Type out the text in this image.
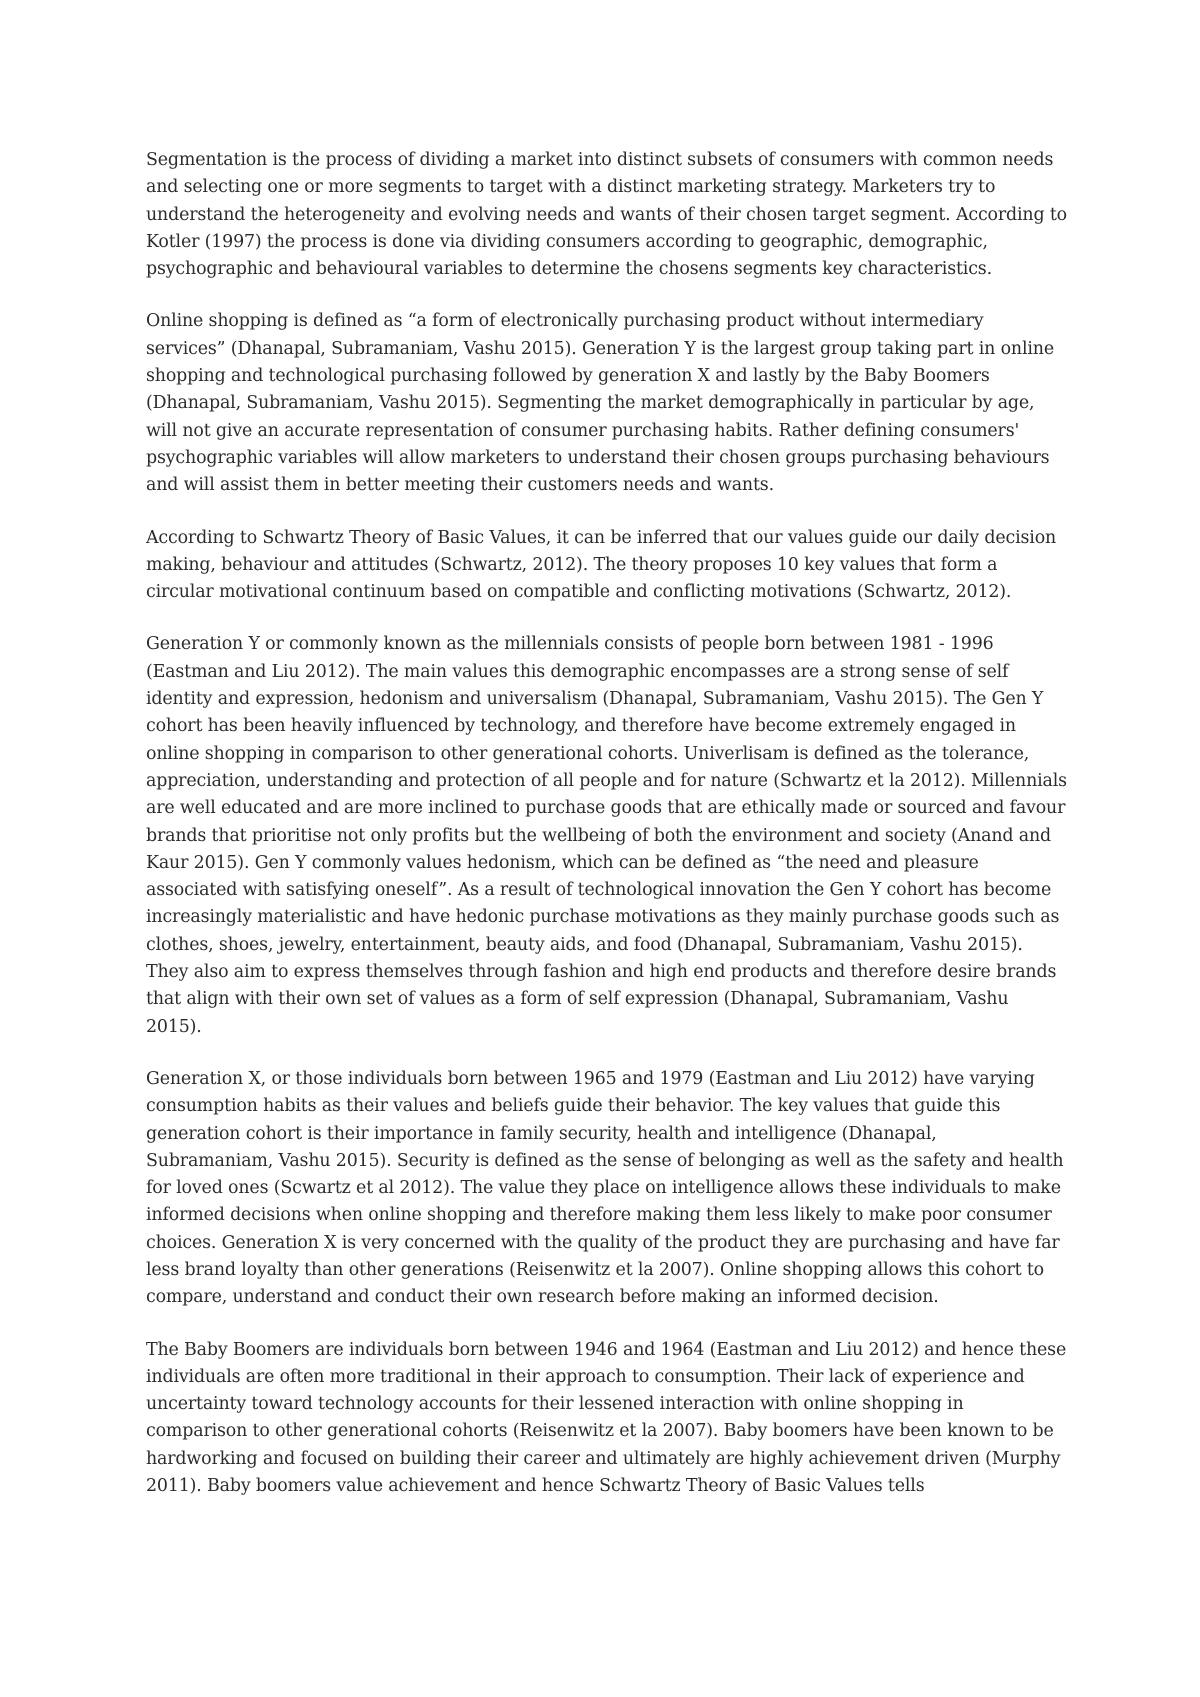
Segmentation is the process of dividing a market into distinct subsets of consumers with common needs and selecting one or more segments to target with a distinct marketing strategy. Marketers try to understand the heterogeneity and evolving needs and wants of their chosen target segment. According to Kotler (1997) the process is done via dividing consumers according to geographic, demographic, psychographic and behavioural variables to determine the chosens segments key characteristics.

Online shopping is defined as “a form of electronically purchasing product without intermediary services” (Dhanapal, Subramaniam, Vashu 2015). Generation Y is the largest group taking part in online shopping and technological purchasing followed by generation X and lastly by the Baby Boomers (Dhanapal, Subramaniam, Vashu 2015). Segmenting the market demographically in particular by age, will not give an accurate representation of consumer purchasing habits. Rather defining consumers' psychographic variables will allow marketers to understand their chosen groups purchasing behaviours and will assist them in better meeting their customers needs and wants.

According to Schwartz Theory of Basic Values, it can be inferred that our values guide our daily decision making, behaviour and attitudes (Schwartz, 2012). The theory proposes 10 key values that form a circular motivational continuum based on compatible and conflicting motivations (Schwartz, 2012).

Generation Y or commonly known as the millennials consists of people born between 1981 - 1996 (Eastman and Liu 2012). The main values this demographic encompasses are a strong sense of self identity and expression, hedonism and universalism (Dhanapal, Subramaniam, Vashu 2015). The Gen Y cohort has been heavily influenced by technology, and therefore have become extremely engaged in online shopping in comparison to other generational cohorts. Univerlisam is defined as the tolerance, appreciation, understanding and protection of all people and for nature (Schwartz et la 2012). Millennials are well educated and are more inclined to purchase goods that are ethically made or sourced and favour brands that prioritise not only profits but the wellbeing of both the environment and society (Anand and Kaur 2015). Gen Y commonly values hedonism, which can be defined as “the need and pleasure associated with satisfying oneself”. As a result of technological innovation the Gen Y cohort has become increasingly materialistic and have hedonic purchase motivations as they mainly purchase goods such as clothes, shoes, jewelry, entertainment, beauty aids, and food (Dhanapal, Subramaniam, Vashu 2015). They also aim to express themselves through fashion and high end products and therefore desire brands that align with their own set of values as a form of self expression (Dhanapal, Subramaniam, Vashu 2015).

Generation X, or those individuals born between 1965 and 1979 (Eastman and Liu 2012) have varying consumption habits as their values and beliefs guide their behavior. The key values that guide this generation cohort is their importance in family security, health and intelligence (Dhanapal, Subramaniam, Vashu 2015). Security is defined as the sense of belonging as well as the safety and health for loved ones (Scwartz et al 2012). The value they place on intelligence allows these individuals to make informed decisions when online shopping and therefore making them less likely to make poor consumer choices. Generation X is very concerned with the quality of the product they are purchasing and have far less brand loyalty than other generations (Reisenwitz et la 2007). Online shopping allows this cohort to compare, understand and conduct their own research before making an informed decision.

The Baby Boomers are individuals born between 1946 and 1964 (Eastman and Liu 2012) and hence these individuals are often more traditional in their approach to consumption. Their lack of experience and uncertainty toward technology accounts for their lessened interaction with online shopping in comparison to other generational cohorts (Reisenwitz et la 2007). Baby boomers have been known to be hardworking and focused on building their career and ultimately are highly achievement driven (Murphy 2011). Baby boomers value achievement and hence Schwartz Theory of Basic Values tells
